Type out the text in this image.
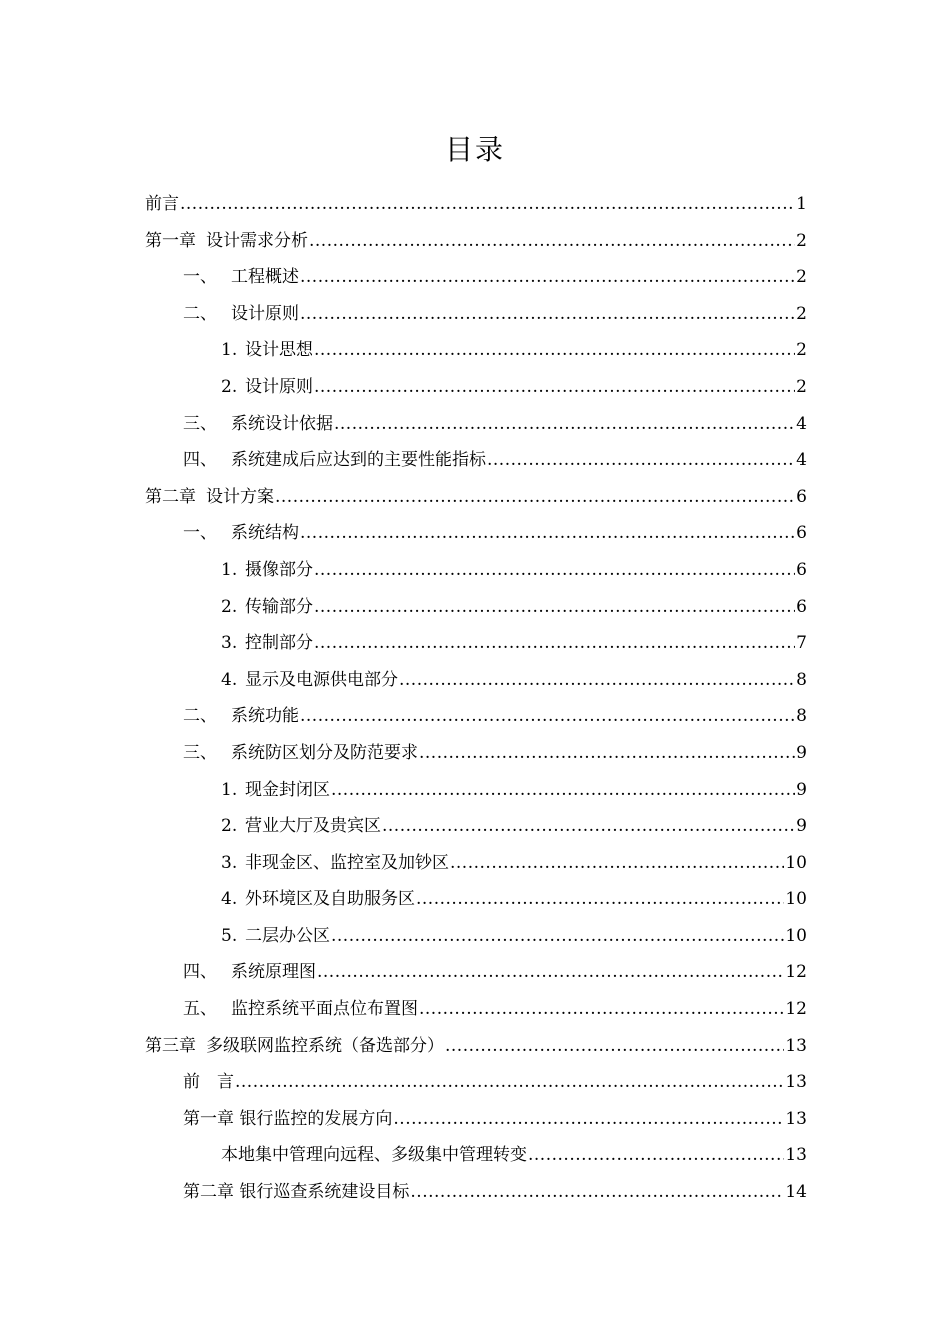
目录
前言 .....	1
第一章 设计需求分析 .....	2
一、 工程概述 .....	2
二、 设计原则 .....	2
1. 设计思想 .....	2
2. 设计原则 .....	2
三、 系统设计依据 .....	4
四、 系统建成后应达到的主要性能指标 .....	4
第二章 设计方案 .....	6
一、 系统结构 .....	6
1. 摄像部分 .....	6
2. 传输部分 .....	6
3. 控制部分 .....	7
4. 显示及电源供电部分 .....	8
二、 系统功能 .....	8
三、 系统防区划分及防范要求 .....	9
1. 现金封闭区 .....	9
2. 营业大厅及贵宾区 .....	9
3. 非现金区、监控室及加钞区 .....	10
4. 外环境区及自助服务区 .....	10
5. 二层办公区 .....	10
四、 系统原理图 .....	12
五、 监控系统平面点位布置图 .....	12
第三章 多级联网监控系统（备选部分） .....	13
前　言 .....	13
第一章 银行监控的发展方向 .....	13
本地集中管理向远程、多级集中管理转变 .....	13
第二章 银行巡查系统建设目标 .....	14
